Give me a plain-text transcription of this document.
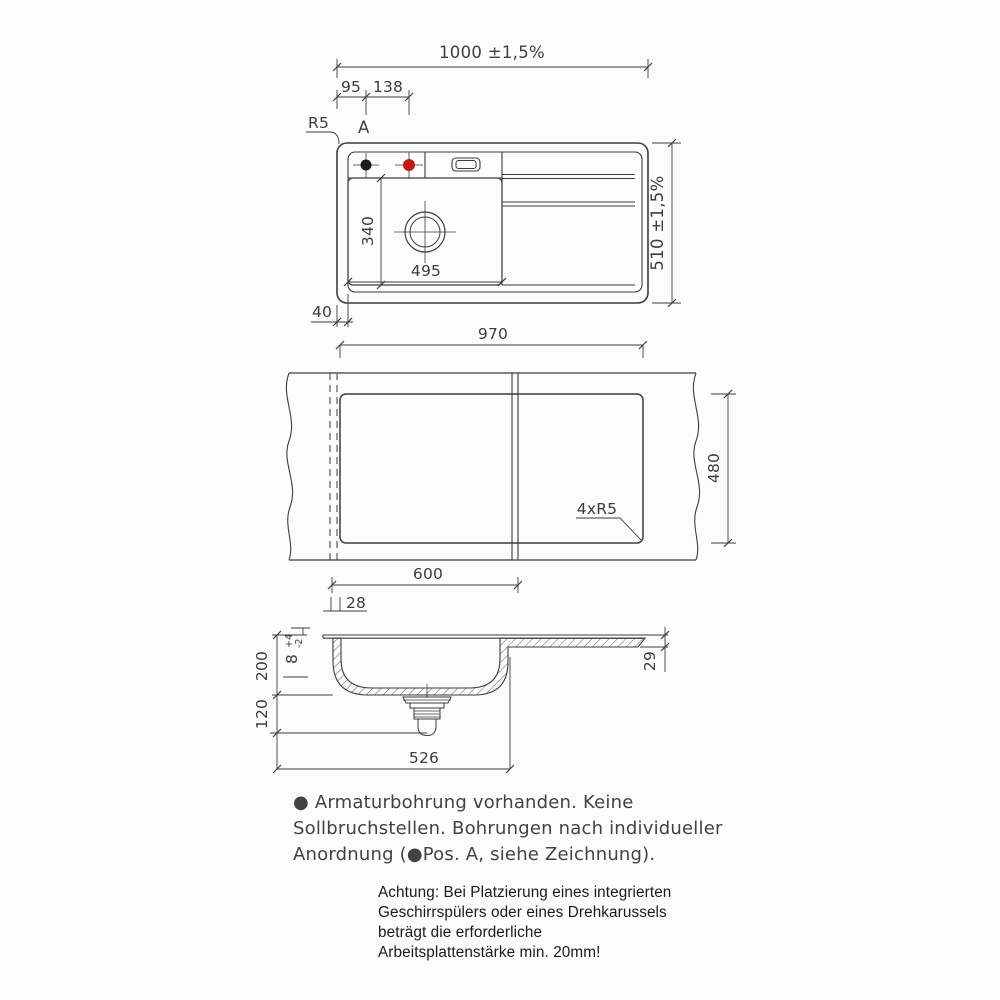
1000 ±1,5%
95 138
R5 A
340
495
510 ±1,5%
40
970
480
4xR5
600
28
200 8
+4 -2
120
526
29
● Armaturbohrung vorhanden. Keine
Sollbruchstellen. Bohrungen nach individueller
Anordnung (●Pos. A, siehe Zeichnung).
Achtung: Bei Platzierung eines integrierten
Geschirrspülers oder eines Drehkarussels
beträgt die erforderliche
Arbeitsplattenstärke min. 20mm!
